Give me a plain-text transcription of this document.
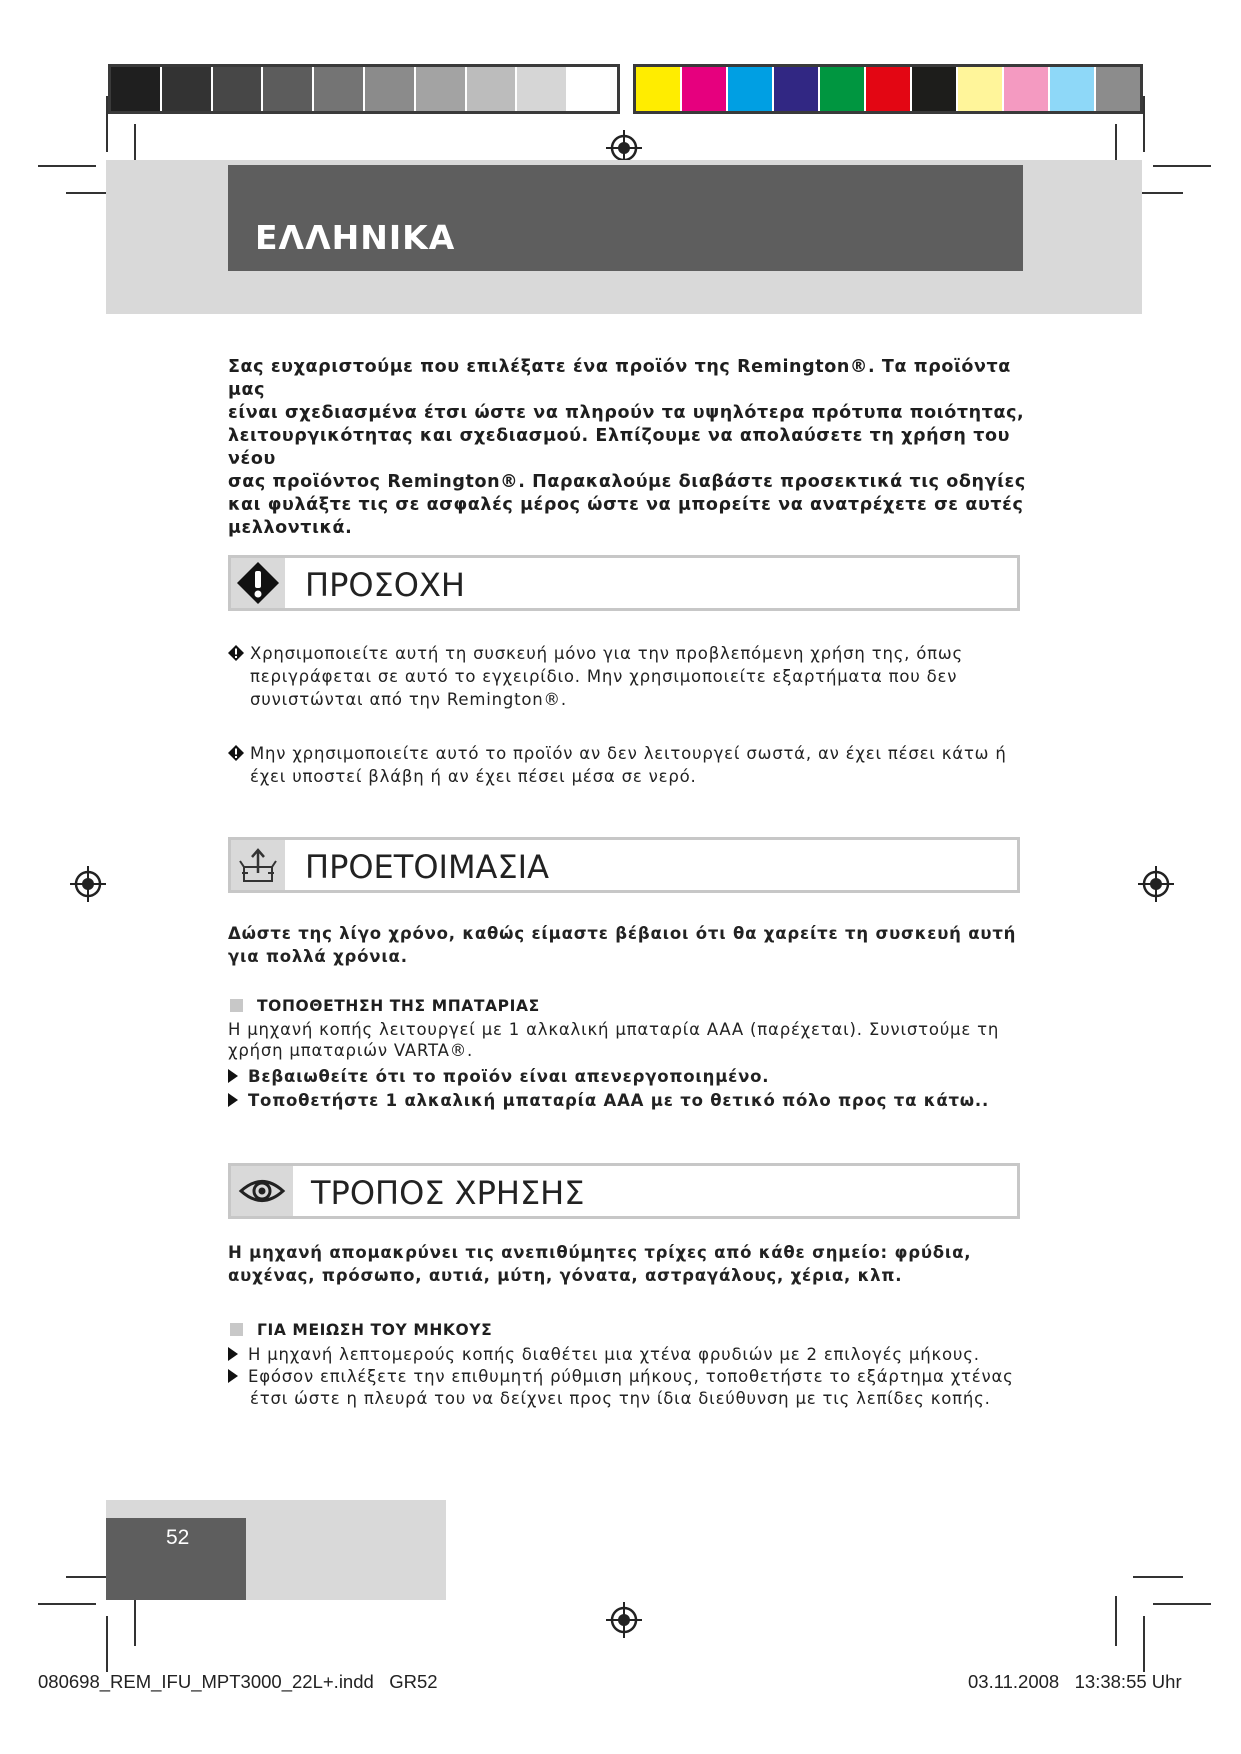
ΕΛΛΗΝΙΚΑ
Σας ευχαριστούμε που επιλέξατε ένα προϊόν της Remington®. Τα προϊόντα μας
είναι σχεδιασμένα έτσι ώστε να πληρούν τα υψηλότερα πρότυπα ποιότητας,
λειτουργικότητας και σχεδιασμού. Ελπίζουμε να απολαύσετε τη χρήση του νέου
σας προϊόντος Remington®. Παρακαλούμε διαβάστε προσεκτικά τις οδηγίες
και φυλάξτε τις σε ασφαλές μέρος ώστε να μπορείτε να ανατρέχετε σε αυτές
μελλοντικά.
ΠΡΟΣΟΧΗ
Χρησιμοποιείτε αυτή τη συσκευή μόνο για την προβλεπόμενη χρήση της, όπως περιγράφεται σε αυτό το εγχειρίδιο. Μην χρησιμοποιείτε εξαρτήματα που δεν συνιστώνται από την Remington®.
Μην χρησιμοποιείτε αυτό το προϊόν αν δεν λειτουργεί σωστά, αν έχει πέσει κάτω ή έχει υποστεί βλάβη ή αν έχει πέσει μέσα σε νερό.
ΠΡΟΕΤΟΙΜΑΣΙΑ
Δώστε της λίγο χρόνο, καθώς είμαστε βέβαιοι ότι θα χαρείτε τη συσκευή αυτή για πολλά χρόνια.
ΤΟΠΟΘΕΤΗΣΗ ΤΗΣ ΜΠΑΤΑΡΙΑΣ
Η μηχανή κοπής λειτουργεί με 1 αλκαλική μπαταρία AAA (παρέχεται). Συνιστούμε τη χρήση μπαταριών VARTA®.
Βεβαιωθείτε ότι το προϊόν είναι απενεργοποιημένο.
Τοποθετήστε 1 αλκαλική μπαταρία AAA με το θετικό πόλο προς τα κάτω..
ΤΡΟΠΟΣ ΧΡΗΣΗΣ
Η μηχανή απομακρύνει τις ανεπιθύμητες τρίχες από κάθε σημείο: φρύδια, αυχένας, πρόσωπο, αυτιά, μύτη, γόνατα, αστραγάλους, χέρια, κλπ.
ΓΙΑ ΜΕΙΩΣΗ ΤΟΥ ΜΗΚΟΥΣ
Η μηχανή λεπτομερούς κοπής διαθέτει μια χτένα φρυδιών με 2 επιλογές μήκους.
Εφόσον επιλέξετε την επιθυμητή ρύθμιση μήκους, τοποθετήστε το εξάρτημα χτένας έτσι ώστε η πλευρά του να δείχνει προς την ίδια διεύθυνση με τις λεπίδες κοπής.
52
080698_REM_IFU_MPT3000_22L+.indd   GR52	03.11.2008   13:38:55 Uhr
